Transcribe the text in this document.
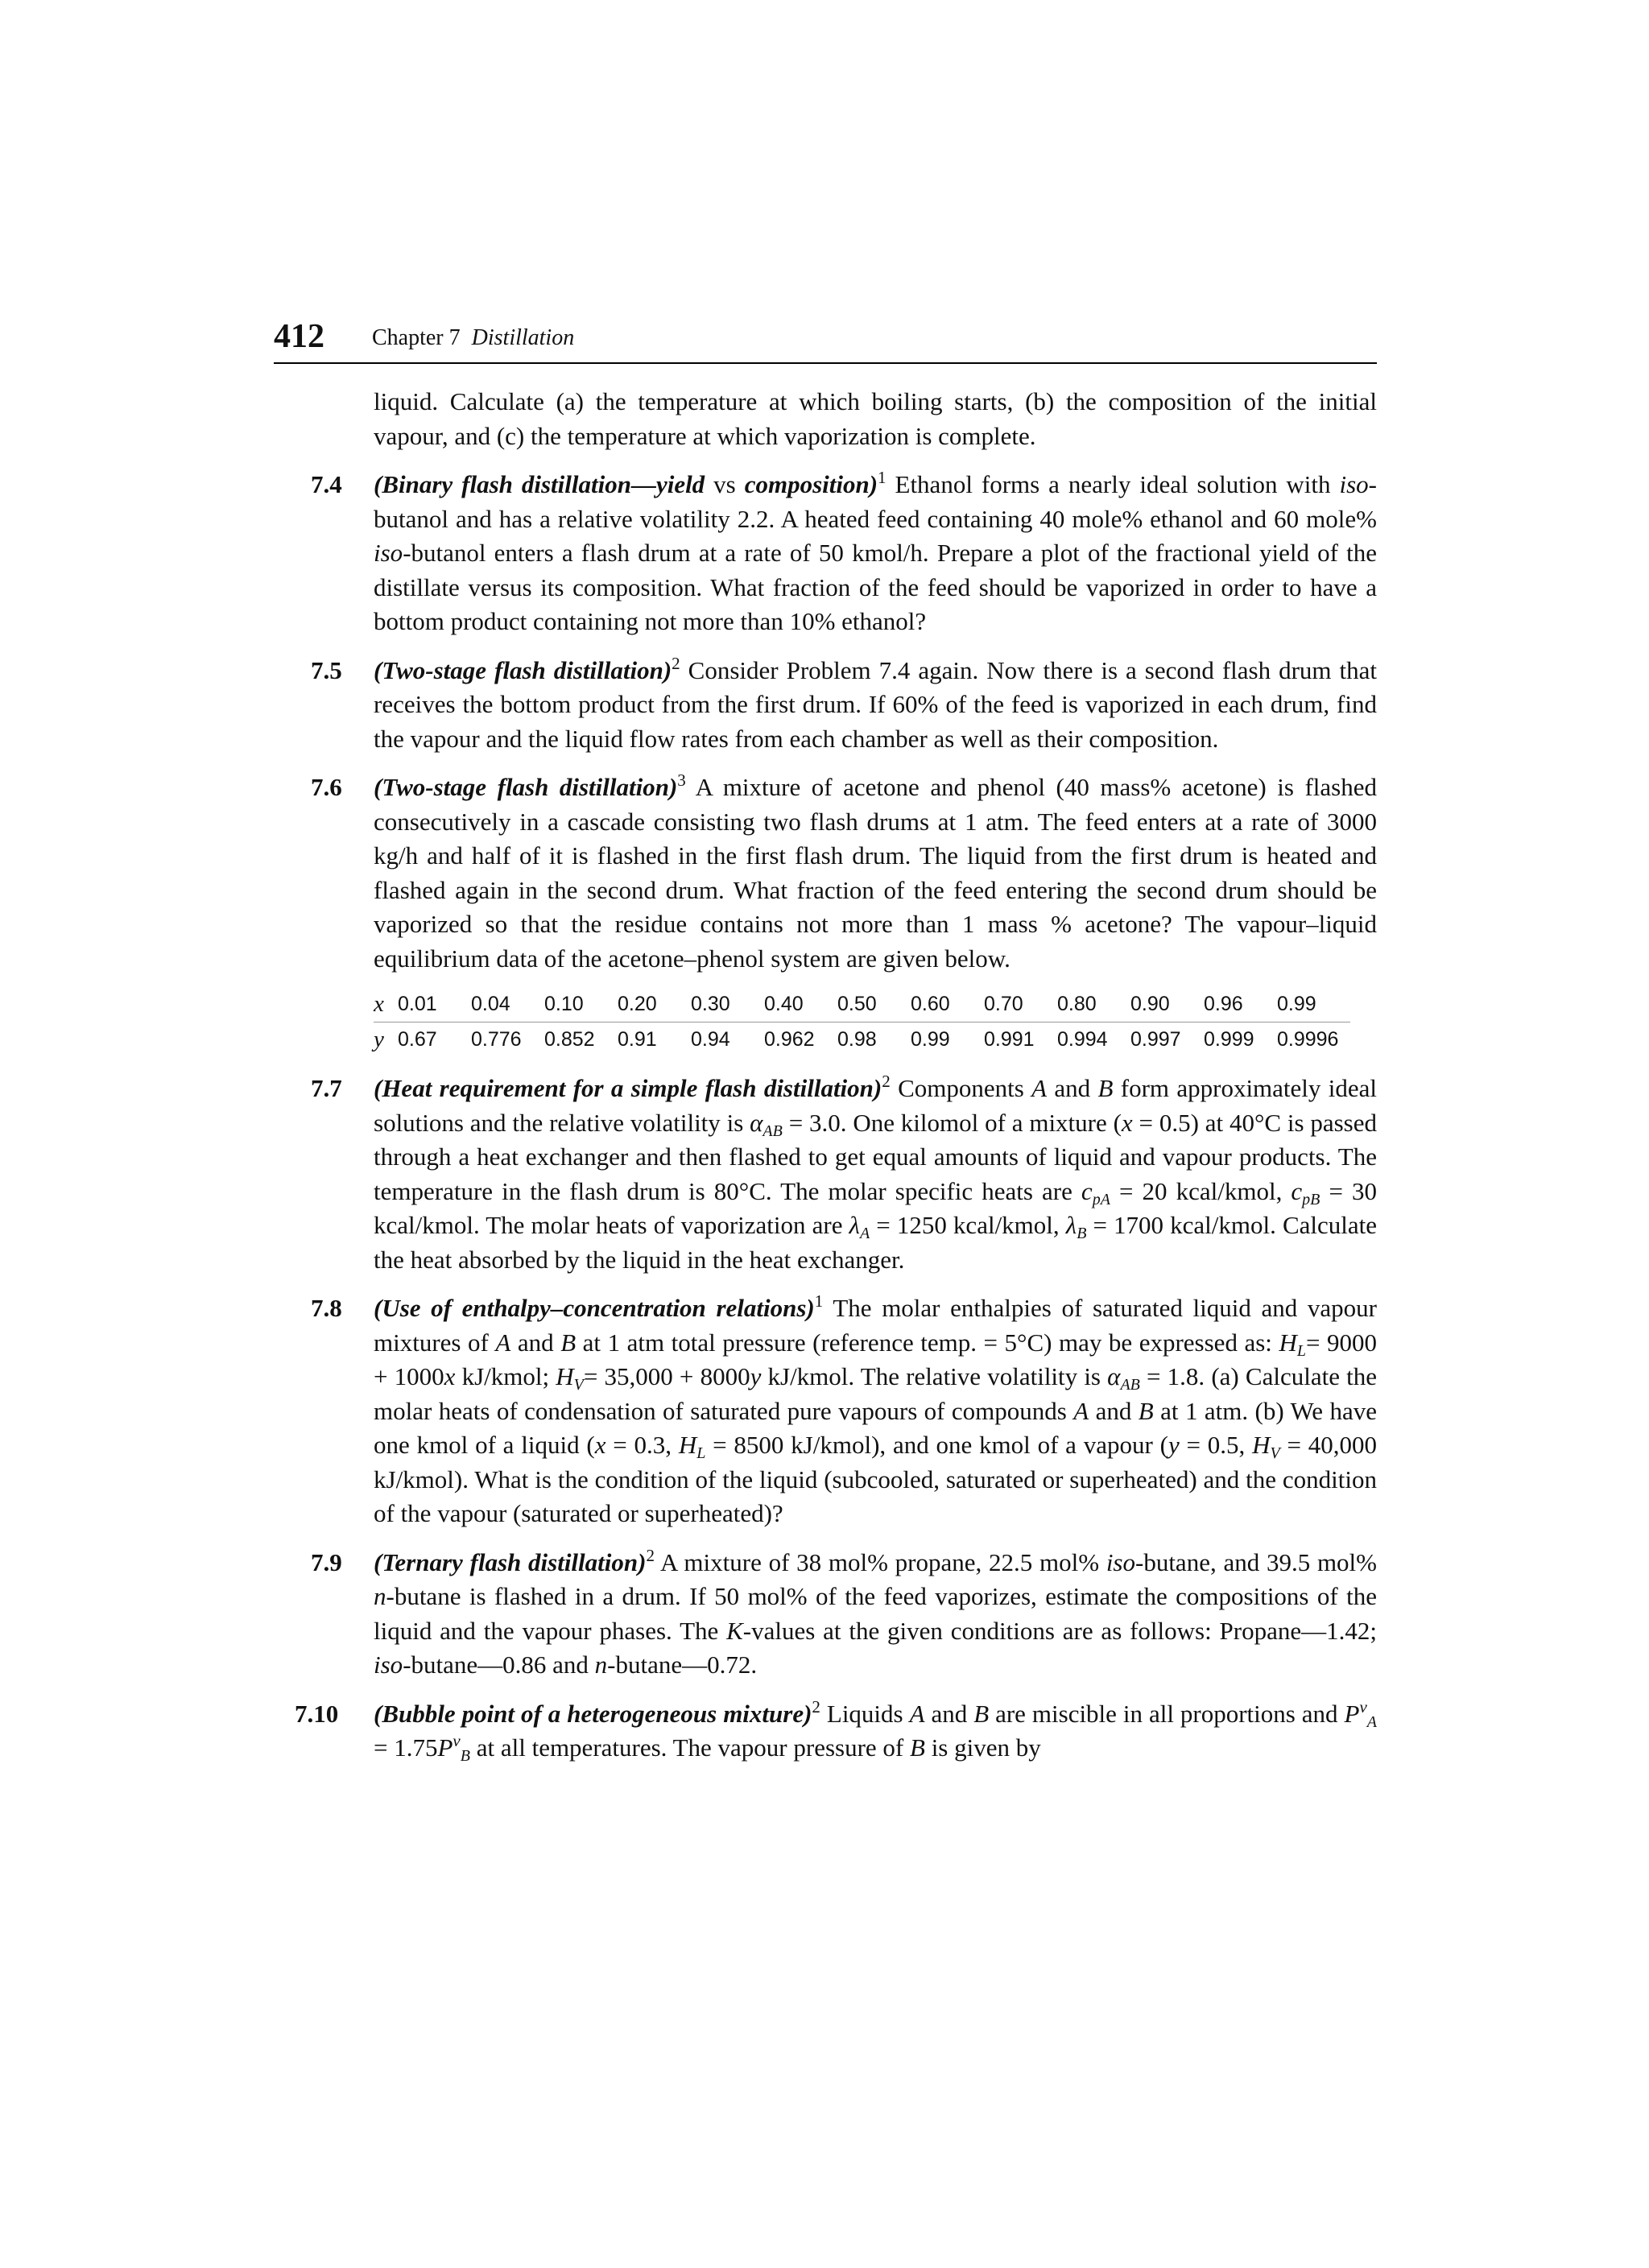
412 Chapter 7 Distillation
liquid. Calculate (a) the temperature at which boiling starts, (b) the composition of the initial vapour, and (c) the temperature at which vaporization is complete.
7.4 (Binary flash distillation—yield vs composition)$^1$ Ethanol forms a nearly ideal solution with iso-butanol and has a relative volatility 2.2. A heated feed containing 40 mole% ethanol and 60 mole% iso-butanol enters a flash drum at a rate of 50 kmol/h. Prepare a plot of the fractional yield of the distillate versus its composition. What fraction of the feed should be vaporized in order to have a bottom product containing not more than 10% ethanol?
7.5 (Two-stage flash distillation)$^2$ Consider Problem 7.4 again. Now there is a second flash drum that receives the bottom product from the first drum. If 60% of the feed is vaporized in each drum, find the vapour and the liquid flow rates from each chamber as well as their composition.
7.6 (Two-stage flash distillation)$^3$ A mixture of acetone and phenol (40 mass% acetone) is flashed consecutively in a cascade consisting two flash drums at 1 atm. The feed enters at a rate of 3000 kg/h and half of it is flashed in the first flash drum. The liquid from the first drum is heated and flashed again in the second drum. What fraction of the feed entering the second drum should be vaporized so that the residue contains not more than 1 mass % acetone? The vapour–liquid equilibrium data of the acetone–phenol system are given below.
x	0.01	0.04	0.10	0.20	0.30	0.40	0.50	0.60	0.70	0.80	0.90	0.96	0.99
y	0.67	0.776	0.852	0.91	0.94	0.962	0.98	0.99	0.991	0.994	0.997	0.999	0.9996
7.7 (Heat requirement for a simple flash distillation)$^2$ Components A and B form approximately ideal solutions and the relative volatility is $\alpha_{AB} = 3.0$. One kilomol of a mixture (x = 0.5) at 40°C is passed through a heat exchanger and then flashed to get equal amounts of liquid and vapour products. The temperature in the flash drum is 80°C. The molar specific heats are $c_{pA} = 20$ kcal/kmol, $c_{pB} = 30$ kcal/kmol. The molar heats of vaporization are $\lambda_A = 1250$ kcal/kmol, $\lambda_B = 1700$ kcal/kmol. Calculate the heat absorbed by the liquid in the heat exchanger.
7.8 (Use of enthalpy–concentration relations)$^1$ The molar enthalpies of saturated liquid and vapour mixtures of A and B at 1 atm total pressure (reference temp. = 5°C) may be expressed as: $H_L= 9000 + 1000x$ kJ/kmol; $H_V= 35,000 + 8000y$ kJ/kmol. The relative volatility is $\alpha_{AB} = 1.8$. (a) Calculate the molar heats of condensation of saturated pure vapours of compounds A and B at 1 atm. (b) We have one kmol of a liquid (x = 0.3, $H_L = 8500$ kJ/kmol), and one kmol of a vapour (y = 0.5, $H_V = 40,000$ kJ/kmol). What is the condition of the liquid (subcooled, saturated or superheated) and the condition of the vapour (saturated or superheated)?
7.9 (Ternary flash distillation)$^2$ A mixture of 38 mol% propane, 22.5 mol% iso-butane, and 39.5 mol% n-butane is flashed in a drum. If 50 mol% of the feed vaporizes, estimate the compositions of the liquid and the vapour phases. The K-values at the given conditions are as follows: Propane—1.42; iso-butane—0.86 and n-butane—0.72.
7.10 (Bubble point of a heterogeneous mixture)$^2$ Liquids A and B are miscible in all proportions and $P^v_A = 1.75P^v_B$ at all temperatures. The vapour pressure of B is given by
